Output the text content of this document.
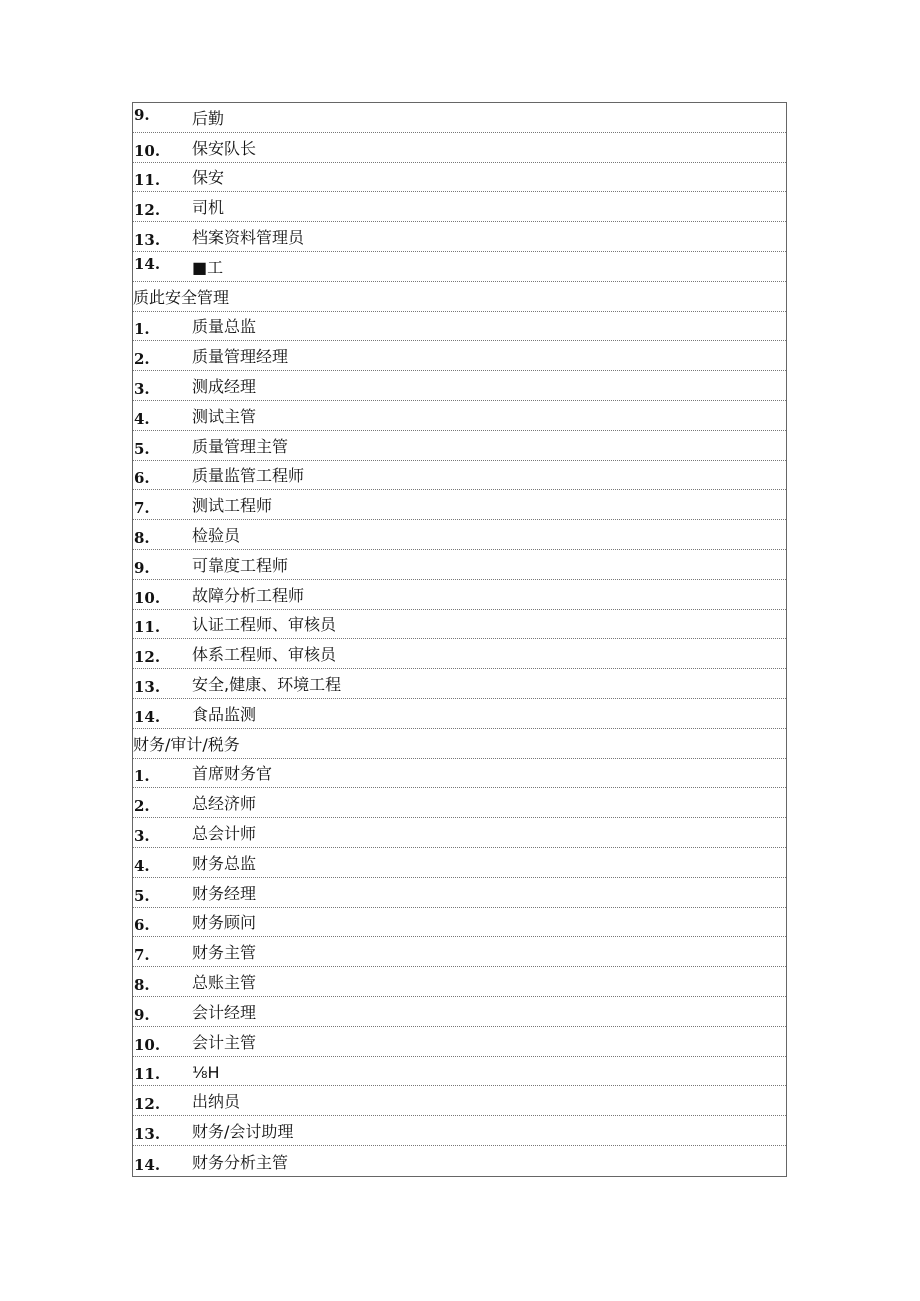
9.	后勤
10. 保安队长
11. 保安
12. 司机
13. 档案资料管理员
14. ■工
质此安全管理
1.	质量总监
2.	质量管理经理
3.	测成经理
4.	测试主管
5.	质量管理主管
6.	质量监管工程师
7.	测试工程师
8.	检验员
9.	可靠度工程师
10. 故障分析工程师
11. 认证工程师、审核员
12. 体系工程师、审核员
13. 安全,健康、环境工程
14. 食品监测
财务/审计/税务
1.	首席财务官
2.	总经济师
3.	总会计师
4.	财务总监
5.	财务经理
6.	财务顾问
7.	财务主管
8.	总账主管
9.	会计经理
10. 会计主管
11. ⅛H
12. 出纳员
13. 财务/会讨助理
14. 财务分析主管
